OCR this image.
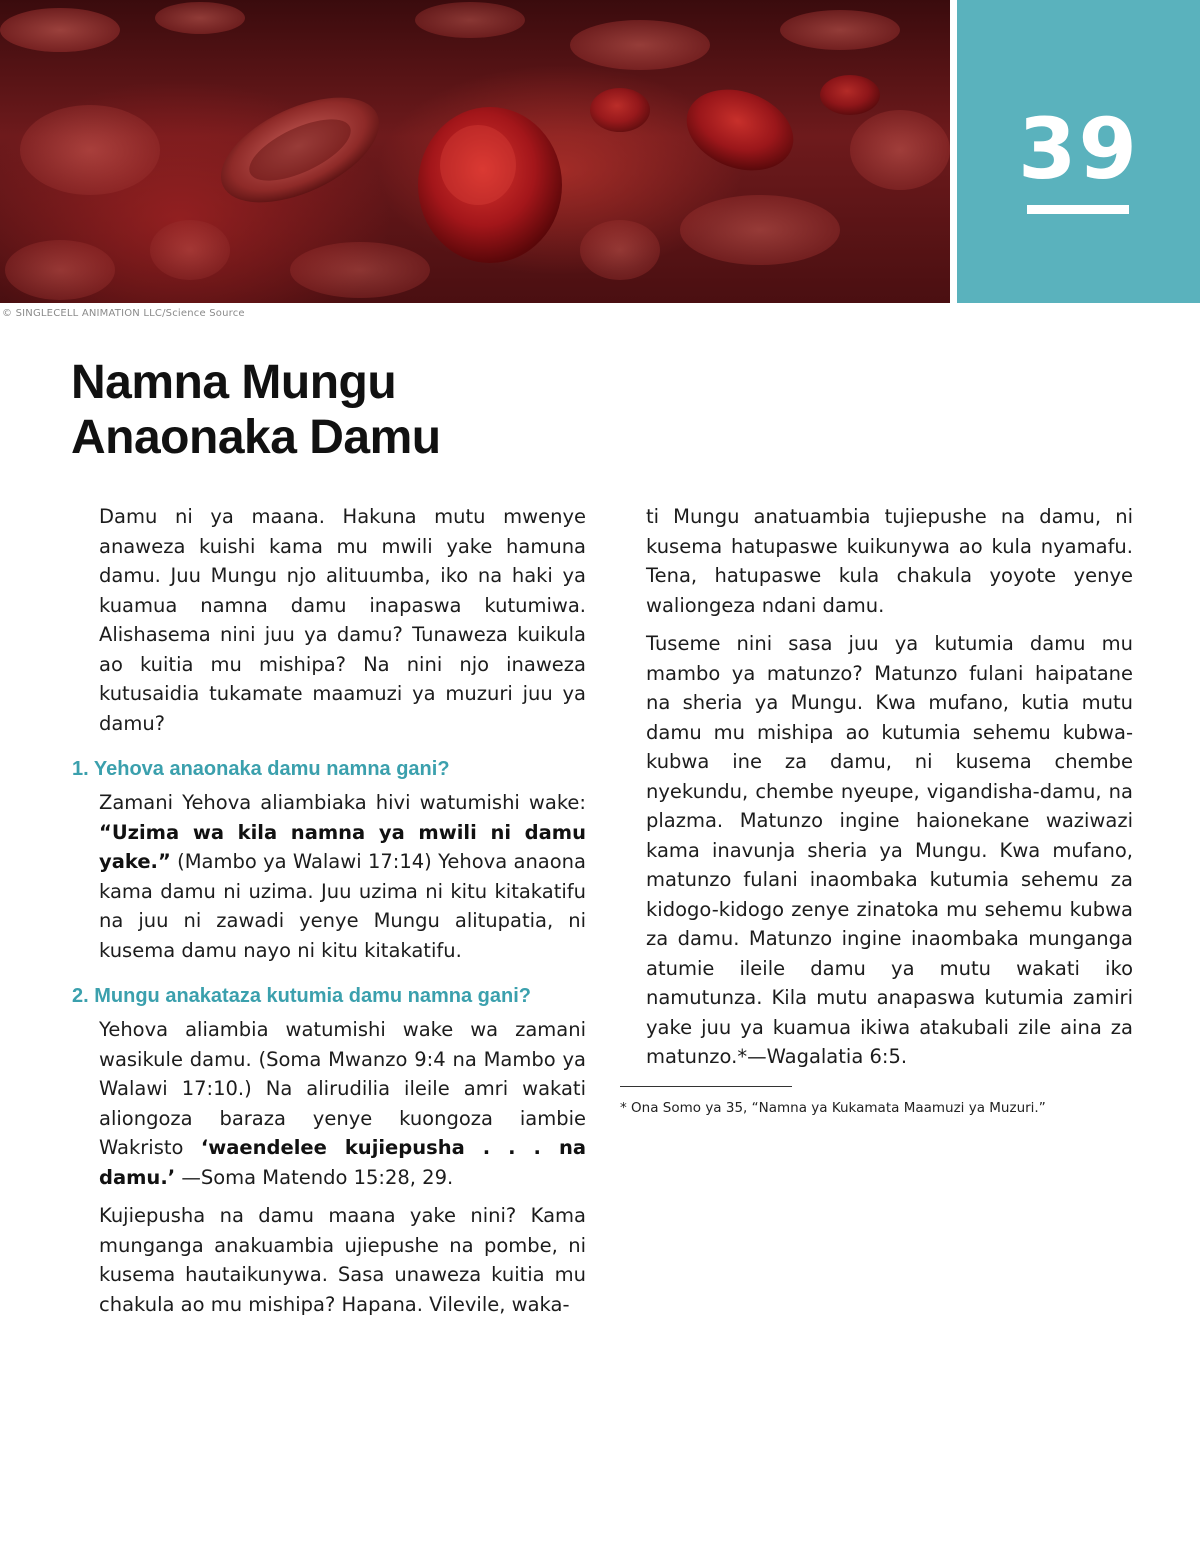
39
© SINGLECELL ANIMATION LLC/Science Source
Namna Mungu
Anaonaka Damu

Damu ni ya maana. Hakuna mutu mwenye anaweza kuishi kama mu mwili yake hamuna damu. Juu Mungu njo alituumba, iko na haki ya kuamua namna damu inapaswa kutumiwa. Alishasema nini juu ya damu? Tunaweza kuikula ao kuitia mu mishipa? Na nini njo inaweza kutusaidia tukamate maamuzi ya muzuri juu ya damu?

1. Yehova anaonaka damu namna gani?

Zamani Yehova aliambiaka hivi watumishi wake: “Uzima wa kila namna ya mwili ni damu yake.” (Mambo ya Walawi 17:14) Yehova anaona kama damu ni uzima. Juu uzima ni kitu kitakatifu na juu ni zawadi yenye Mungu alitupatia, ni kusema damu nayo ni kitu kitakatifu.

2. Mungu anakataza kutumia damu namna gani?

Yehova aliambia watumishi wake wa zamani wasikule damu. (Soma Mwanzo 9:4 na Mambo ya Walawi 17:10.) Na alirudilia ileile amri wakati aliongoza baraza yenye kuongoza iambie Wakristo ‘waendelee kujiepusha . . . na damu.’ —Soma Matendo 15:28, 29.

Kujiepusha na damu maana yake nini? Kama munganga anakuambia ujiepushe na pombe, ni kusema hautaikunywa. Sasa unaweza kuitia mu chakula ao mu mishipa? Hapana. Vilevile, waka-

ti Mungu anatuambia tujiepushe na damu, ni kusema hatupaswe kuikunywa ao kula nyamafu. Tena, hatupaswe kula chakula yoyote yenye waliongeza ndani damu.

Tuseme nini sasa juu ya kutumia damu mu mambo ya matunzo? Matunzo fulani haipatane na sheria ya Mungu. Kwa mufano, kutia mutu damu mu mishipa ao kutumia sehemu kubwa-kubwa ine za damu, ni kusema chembe nyekundu, chembe nyeupe, vigandisha-damu, na plazma. Matunzo ingine haionekane waziwazi kama inavunja sheria ya Mungu. Kwa mufano, matunzo fulani inaombaka kutumia sehemu za kidogo-kidogo zenye zinatoka mu sehemu kubwa za damu. Matunzo ingine inaombaka munganga atumie ileile damu ya mutu wakati iko namutunza. Kila mutu anapaswa kutumia zamiri yake juu ya kuamua ikiwa atakubali zile aina za matunzo.*—Wagalatia 6:5.

* Ona Somo ya 35, “Namna ya Kukamata Maamuzi ya Muzuri.”
